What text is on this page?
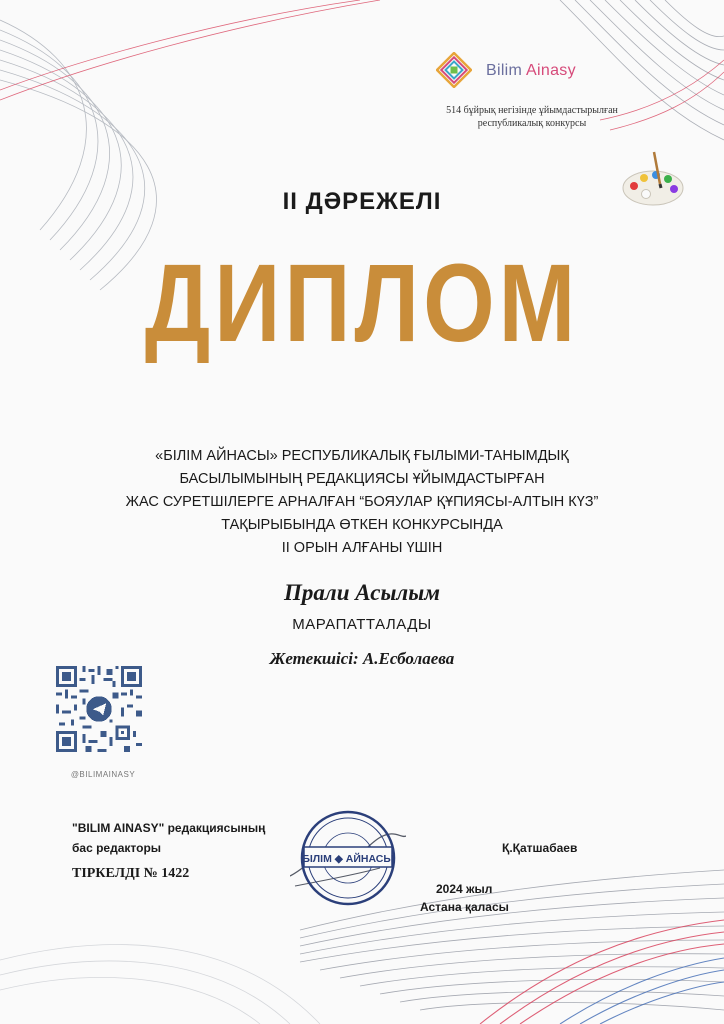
Bilim Ainasy
514 бұйрық негізінде ұйымдастырылған
республикалық конкурсы
II ДӘРЕЖЕЛІ
ДИПЛОМ
«БІЛІМ АЙНАСЫ» РЕСПУБЛИКАЛЫҚ ҒЫЛЫМИ-ТАНЫМДЫҚ
БАСЫЛЫМЫНЫҢ РЕДАКЦИЯСЫ ҰЙЫМДАСТЫРҒАН
ЖАС СУРЕТШІЛЕРГЕ АРНАЛҒАН “БОЯУЛАР ҚҰПИЯСЫ-АЛТЫН КҮЗ”
ТАҚЫРЫБЫНДА ӨТКЕН КОНКУРСЫНДА
II ОРЫН АЛҒАНЫ ҮШІН
Прали Асылым
МАРАПАТТАЛАДЫ
Жетекшісі: А.Есболаева
@BILIMAINASY
"BILIM AINASY" редакциясының
бас редакторы
ТІРКЕЛДІ № 1422
БІЛІМ ◆ АЙНАСЫ
Қ.Қатшабаев
2024 жыл
Астана қаласы
